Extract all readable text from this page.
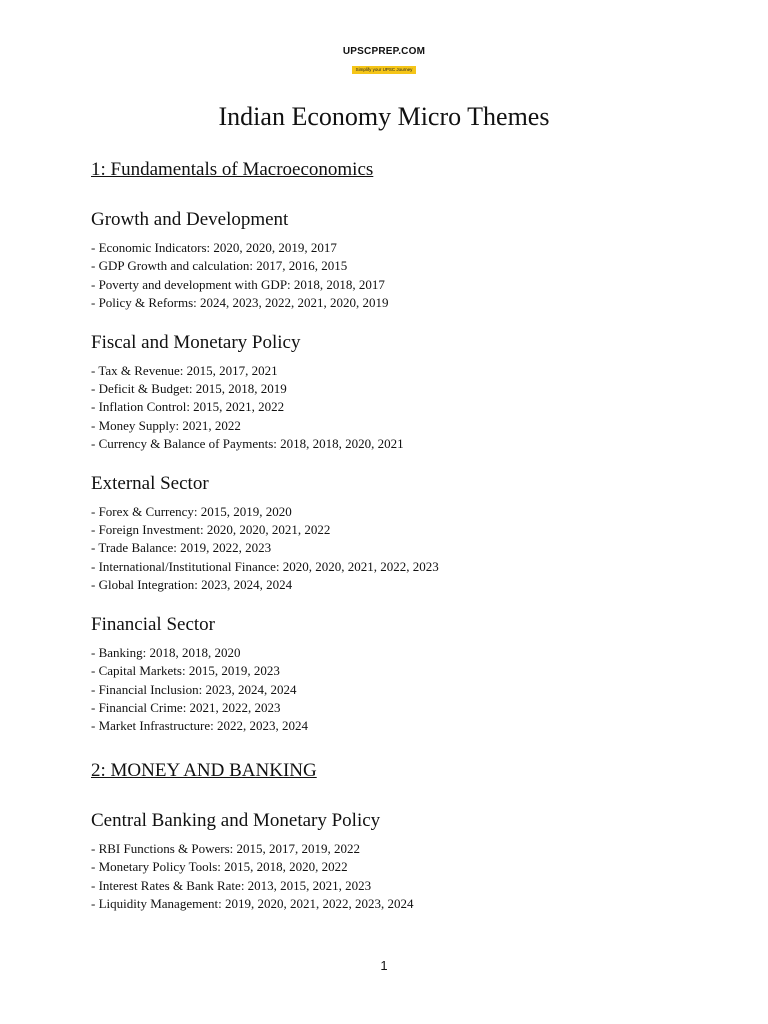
UPSCPREP.COM
Simplify your UPSC Journey
Indian Economy Micro Themes
1: Fundamentals of Macroeconomics
Growth and Development
- Economic Indicators: 2020, 2020, 2019, 2017
- GDP Growth and calculation: 2017, 2016, 2015
- Poverty and development with GDP: 2018, 2018, 2017
- Policy & Reforms: 2024, 2023, 2022, 2021, 2020, 2019
Fiscal and Monetary Policy
- Tax & Revenue: 2015, 2017, 2021
- Deficit & Budget: 2015, 2018, 2019
- Inflation Control: 2015, 2021, 2022
- Money Supply: 2021, 2022
- Currency & Balance of Payments: 2018, 2018, 2020, 2021
External Sector
- Forex & Currency: 2015, 2019, 2020
- Foreign Investment: 2020, 2020, 2021, 2022
- Trade Balance: 2019, 2022, 2023
- International/Institutional Finance: 2020, 2020, 2021, 2022, 2023
- Global Integration: 2023, 2024, 2024
Financial Sector
- Banking: 2018, 2018, 2020
- Capital Markets: 2015, 2019, 2023
- Financial Inclusion: 2023, 2024, 2024
- Financial Crime: 2021, 2022, 2023
- Market Infrastructure: 2022, 2023, 2024
2: MONEY AND BANKING
Central Banking and Monetary Policy
- RBI Functions & Powers: 2015, 2017, 2019, 2022
- Monetary Policy Tools: 2015, 2018, 2020, 2022
- Interest Rates & Bank Rate: 2013, 2015, 2021, 2023
- Liquidity Management: 2019, 2020, 2021, 2022, 2023, 2024
1
